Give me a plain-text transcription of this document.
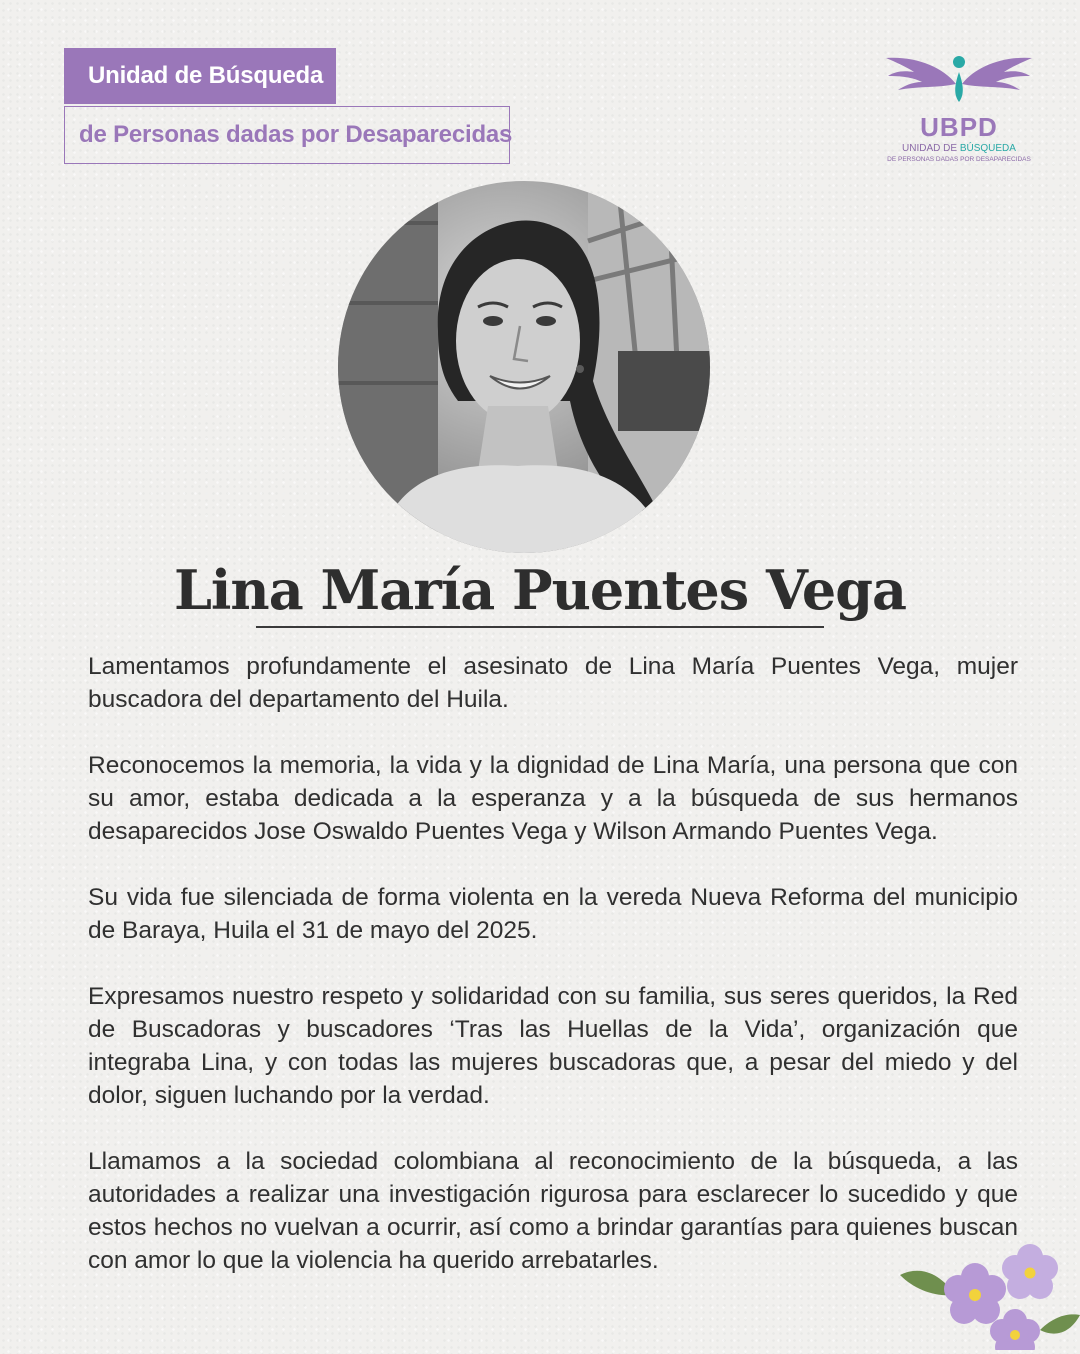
Unidad de Búsqueda
de Personas dadas por Desaparecidas	UBPD
UNIDAD DE BÚSQUEDA
DE PERSONAS DADAS POR DESAPARECIDAS
Lina María Puentes Vega

Lamentamos profundamente el asesinato de Lina María Puentes Vega, mujer buscadora del departamento del Huila.

Reconocemos la memoria, la vida y la dignidad de Lina María, una persona que con su amor, estaba dedicada a la esperanza y a la búsqueda de sus hermanos desaparecidos Jose Oswaldo Puentes Vega y Wilson Armando Puentes Vega.

Su vida fue silenciada de forma violenta en la vereda Nueva Reforma del municipio de Baraya, Huila el 31 de mayo del 2025.

Expresamos nuestro respeto y solidaridad con su familia, sus seres queridos, la Red de Buscadoras y buscadores ‘Tras las Huellas de la Vida’, organización que integraba Lina, y con todas las mujeres buscadoras que, a pesar del miedo y del dolor, siguen luchando por la verdad.

Llamamos a la sociedad colombiana al reconocimiento de la búsqueda, a las autoridades a realizar una investigación rigurosa para esclarecer lo sucedido y que estos hechos no vuelvan a ocurrir, así como a brindar garantías para quienes buscan con amor lo que la violencia ha querido arrebatarles.
